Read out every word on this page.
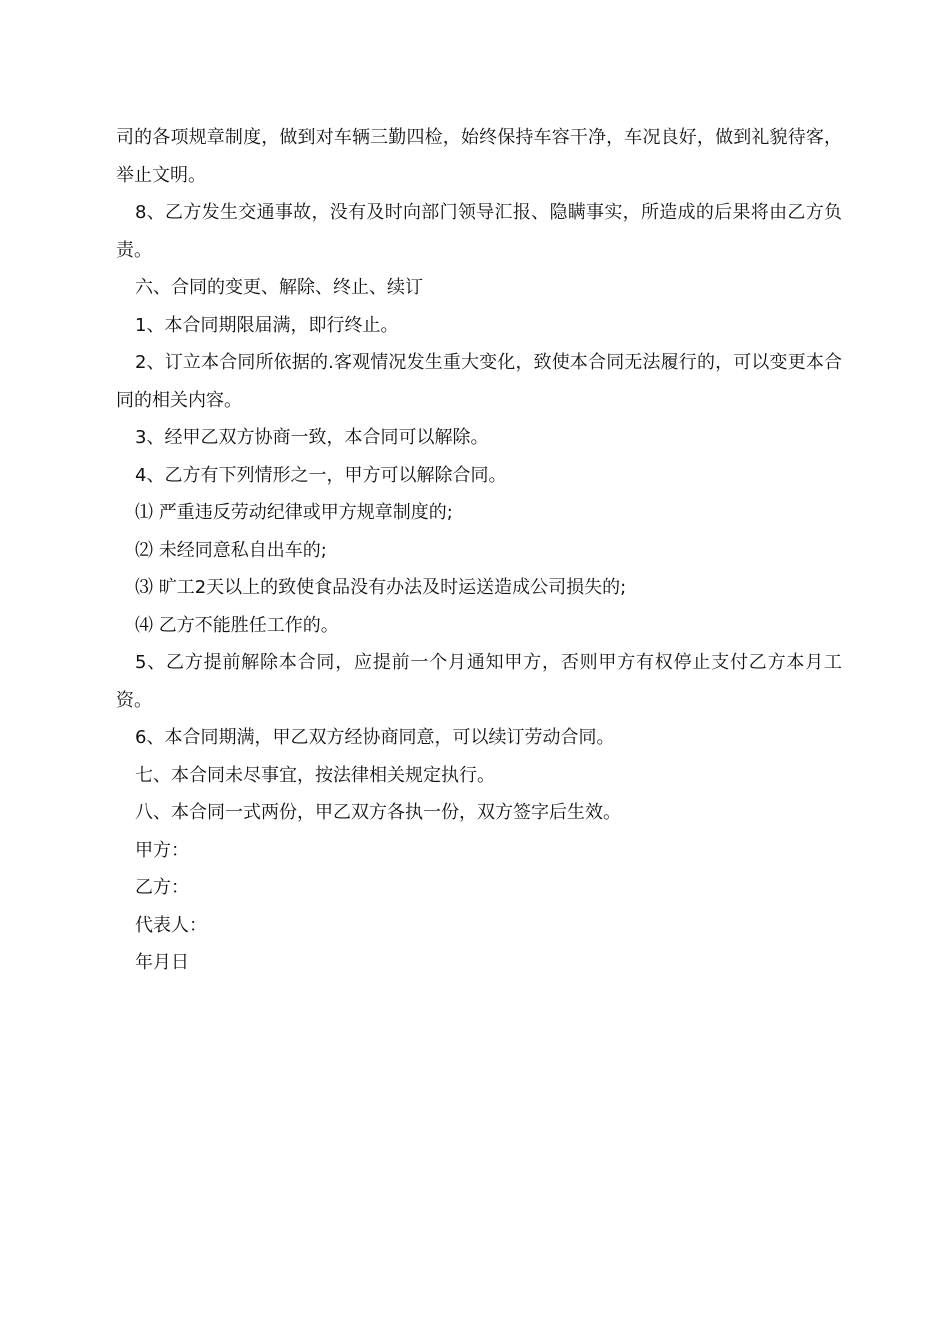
司的各项规章制度，做到对车辆三勤四检，始终保持车容干净，车况良好，做到礼貌待客，举止文明。

8、乙方发生交通事故，没有及时向部门领导汇报、隐瞒事实，所造成的后果将由乙方负责。

六、合同的变更、解除、终止、续订

1、本合同期限届满，即行终止。

2、订立本合同所依据的.客观情况发生重大变化，致使本合同无法履行的，可以变更本合同的相关内容。

3、经甲乙双方协商一致，本合同可以解除。

4、乙方有下列情形之一，甲方可以解除合同。

⑴ 严重违反劳动纪律或甲方规章制度的;

⑵ 未经同意私自出车的;

⑶ 旷工2天以上的致使食品没有办法及时运送造成公司损失的;

⑷ 乙方不能胜任工作的。

5、乙方提前解除本合同，应提前一个月通知甲方，否则甲方有权停止支付乙方本月工资。

6、本合同期满，甲乙双方经协商同意，可以续订劳动合同。

七、本合同未尽事宜，按法律相关规定执行。

八、本合同一式两份，甲乙双方各执一份，双方签字后生效。

甲方：

乙方：

代表人：

年月日
